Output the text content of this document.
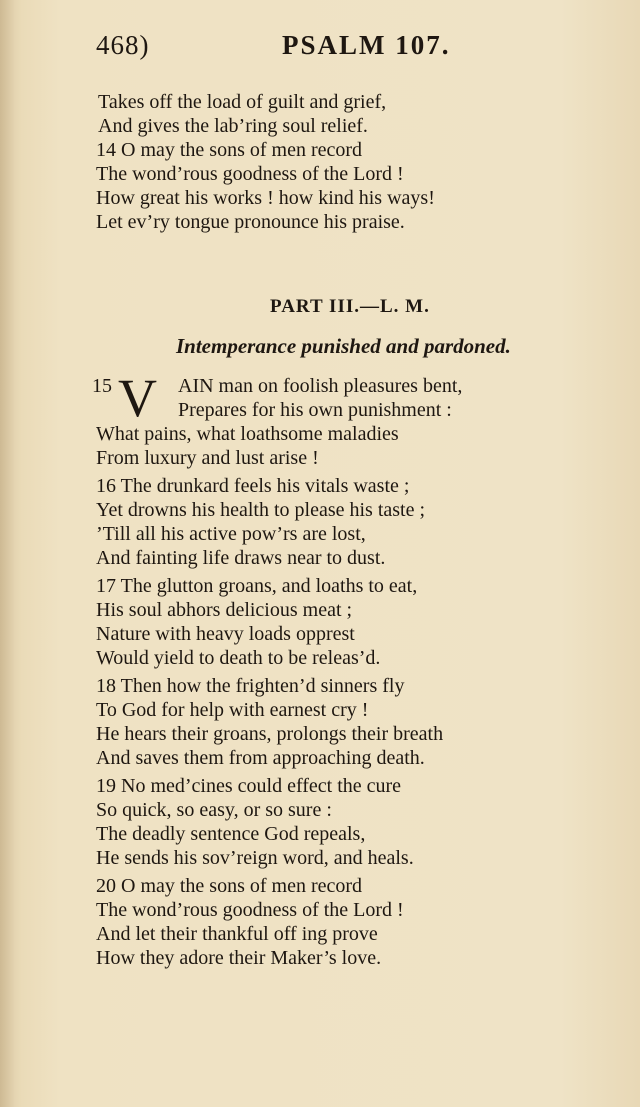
468)	PSALM 107.
Takes off the load of guilt and grief,
And gives the lab’ring soul relief.
14 O may the sons of men record
The wond’rous goodness of the Lord !
How great his works ! how kind his ways!
Let ev’ry tongue pronounce his praise.
PART III.—L. M.
Intemperance punished and pardoned.
15 V AIN man on foolish pleasures bent,
Prepares for his own punishment :
What pains, what loathsome maladies
From luxury and lust arise !
16 The drunkard feels his vitals waste ;
Yet drowns his health to please his taste ;
’Till all his active pow’rs are lost,
And fainting life draws near to dust.
17 The glutton groans, and loaths to eat,
His soul abhors delicious meat ;
Nature with heavy loads opprest
Would yield to death to be releas’d.
18 Then how the frighten’d sinners fly
To God for help with earnest cry !
He hears their groans, prolongs their breath
And saves them from approaching death.
19 No med’cines could effect the cure
So quick, so easy, or so sure :
The deadly sentence God repeals,
He sends his sov’reign word, and heals.
20 O may the sons of men record
The wond’rous goodness of the Lord !
And let their thankful off ing prove
How they adore their Maker’s love.
